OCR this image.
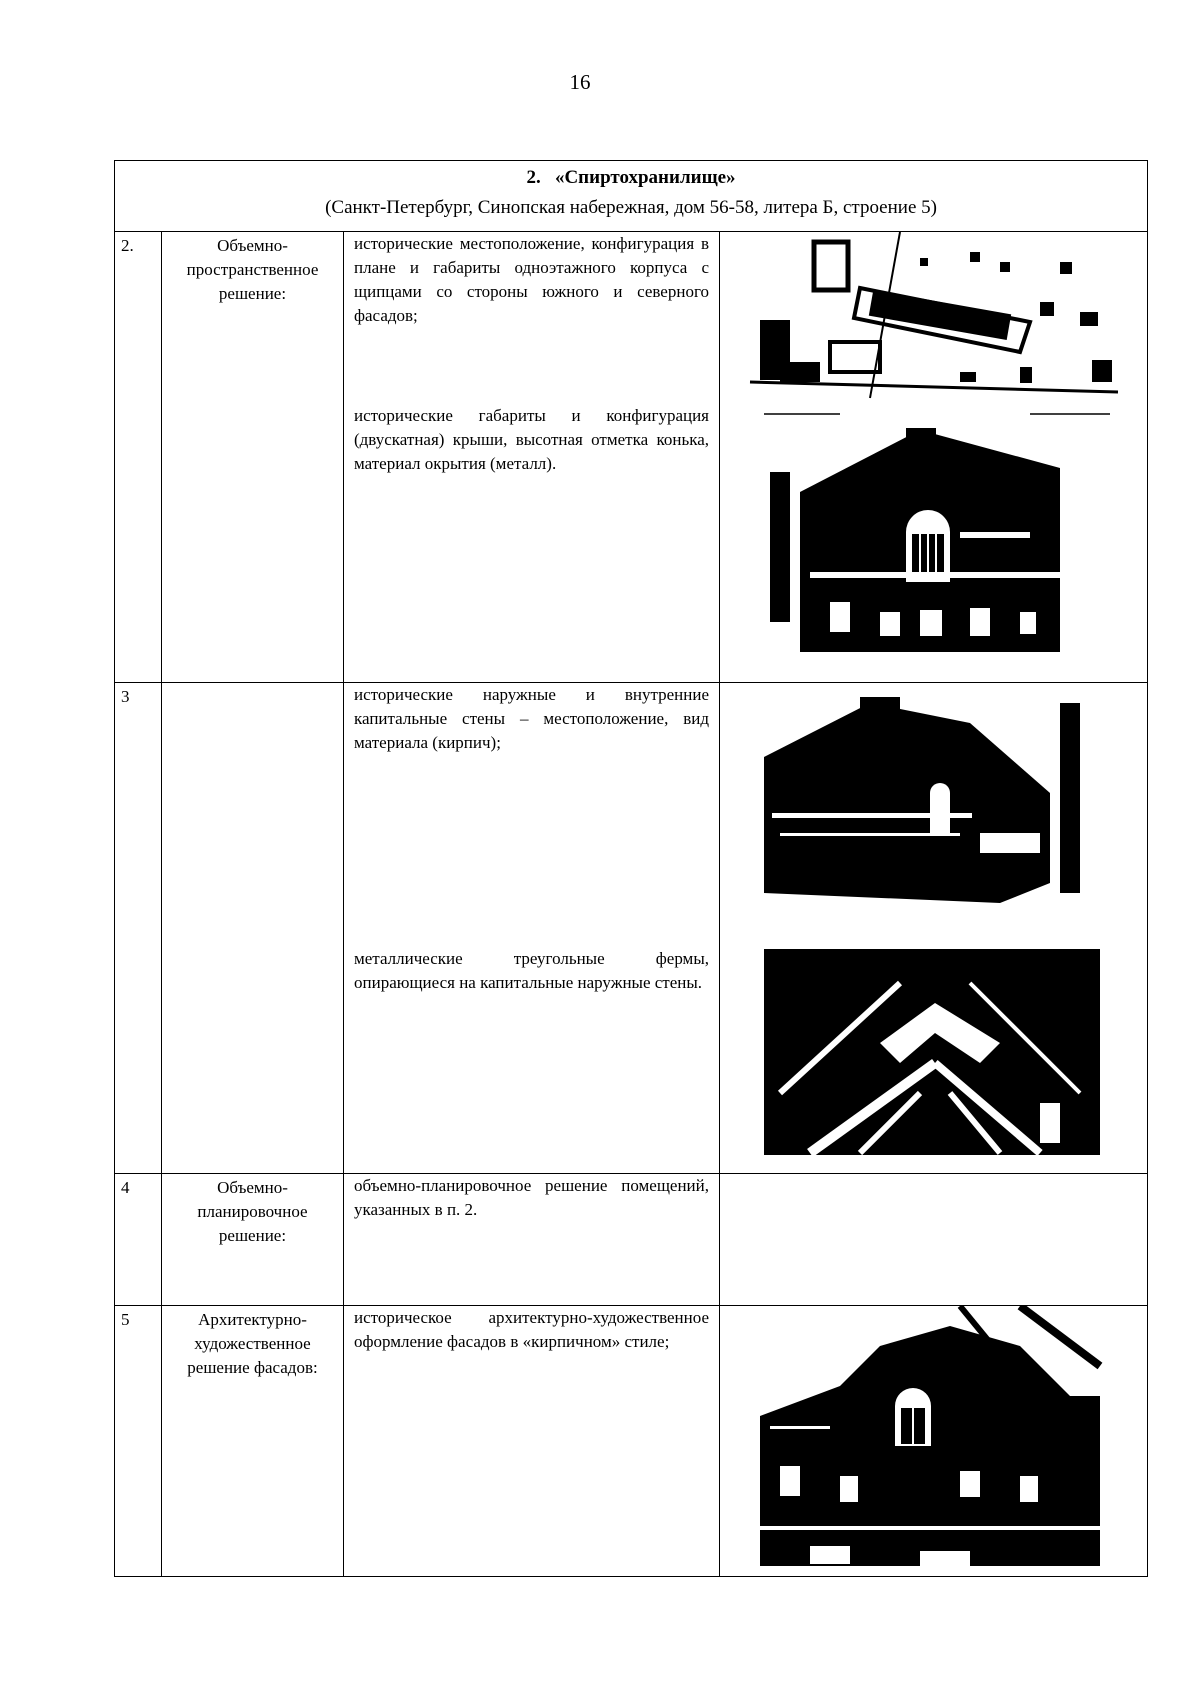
16
2.   «Спиртохранилище»
(Санкт-Петербург, Синопская набережная, дом 56-58, литера Б, строение 5)			

2.	Объемно-пространственное решение:	исторические местоположение, конфигурация в плане и габариты одноэтажного корпуса с щипцами со стороны южного и северного фасадов;

исторические габариты и конфигурация (двускатная) крыши, высотная отметка конька, материал окрытия (металл).

3		исторические наружные и внутренние капитальные стены – местоположение, вид материала (кирпич);

металлические треугольные фермы, опирающиеся на капитальные наружные стены.

4	Объемно-планировочное решение:	объемно-планировочное решение помещений, указанных в п. 2.	

5	Архитектурно-художественное решение фасадов:	историческое архитектурно-художественное оформление фасадов в «кирпичном» стиле;
